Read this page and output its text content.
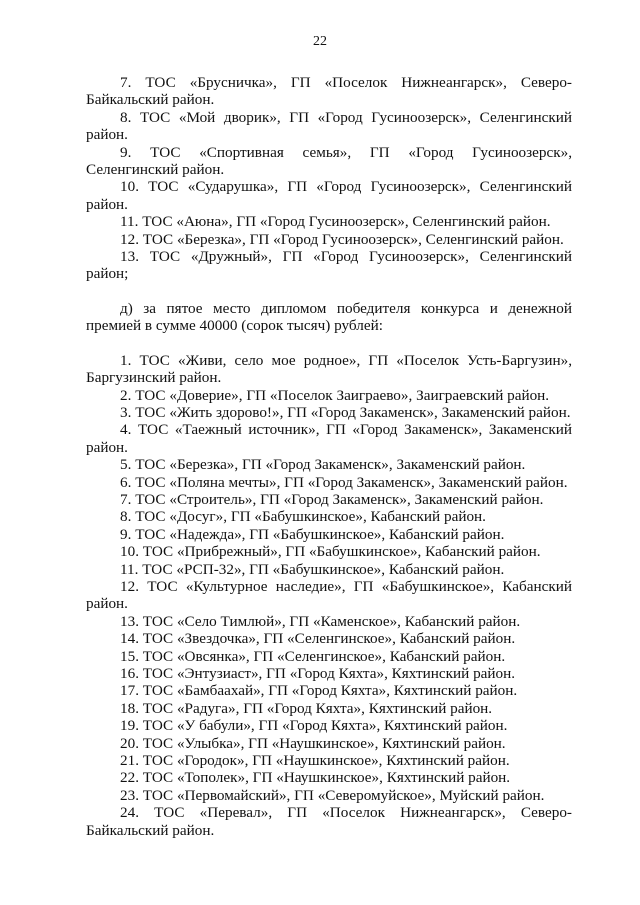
22

7. ТОС «Брусничка», ГП «Поселок Нижнеангарск», Северо-Байкальский район.

8. ТОС «Мой дворик», ГП «Город Гусиноозерск», Селенгинский район.

9. ТОС «Спортивная семья», ГП «Город Гусиноозерск», Селенгинский район.

10. ТОС «Сударушка», ГП «Город Гусиноозерск», Селенгинский район.

11. ТОС «Аюна», ГП «Город Гусиноозерск», Селенгинский район.

12. ТОС «Березка», ГП «Город Гусиноозерск», Селенгинский район.

13. ТОС «Дружный», ГП «Город Гусиноозерск», Селенгинский район;

д) за пятое место дипломом победителя конкурса и денежной премией в сумме 40000 (сорок тысяч) рублей:

1. ТОС «Живи, село мое родное», ГП «Поселок Усть-Баргузин», Баргузинский район.

2. ТОС «Доверие», ГП «Поселок Заиграево», Заиграевский район.

3. ТОС «Жить здорово!», ГП «Город Закаменск», Закаменский район.

4. ТОС «Таежный источник», ГП «Город Закаменск», Закаменский район.

5. ТОС «Березка», ГП «Город Закаменск», Закаменский район.

6. ТОС «Поляна мечты», ГП «Город Закаменск», Закаменский район.

7. ТОС «Строитель», ГП «Город Закаменск», Закаменский район.

8. ТОС «Досуг», ГП «Бабушкинское», Кабанский район.

9. ТОС «Надежда», ГП «Бабушкинское», Кабанский район.

10. ТОС «Прибрежный», ГП «Бабушкинское», Кабанский район.

11. ТОС «РСП-32», ГП «Бабушкинское», Кабанский район.

12. ТОС «Культурное наследие», ГП «Бабушкинское», Кабанский район.

13. ТОС «Село Тимлюй», ГП «Каменское», Кабанский район.

14. ТОС «Звездочка», ГП «Селенгинское», Кабанский район.

15. ТОС «Овсянка», ГП «Селенгинское», Кабанский район.

16. ТОС «Энтузиаст», ГП «Город Кяхта», Кяхтинский район.

17. ТОС «Бамбаахай», ГП «Город Кяхта», Кяхтинский район.

18. ТОС «Радуга», ГП «Город Кяхта», Кяхтинский район.

19. ТОС «У бабули», ГП «Город Кяхта», Кяхтинский район.

20. ТОС «Улыбка», ГП «Наушкинское», Кяхтинский район.

21. ТОС «Городок», ГП «Наушкинское», Кяхтинский район.

22. ТОС «Тополек», ГП «Наушкинское», Кяхтинский район.

23. ТОС «Первомайский», ГП «Северомуйское», Муйский район.

24. ТОС «Перевал», ГП «Поселок Нижнеангарск», Северо-Байкальский район.
